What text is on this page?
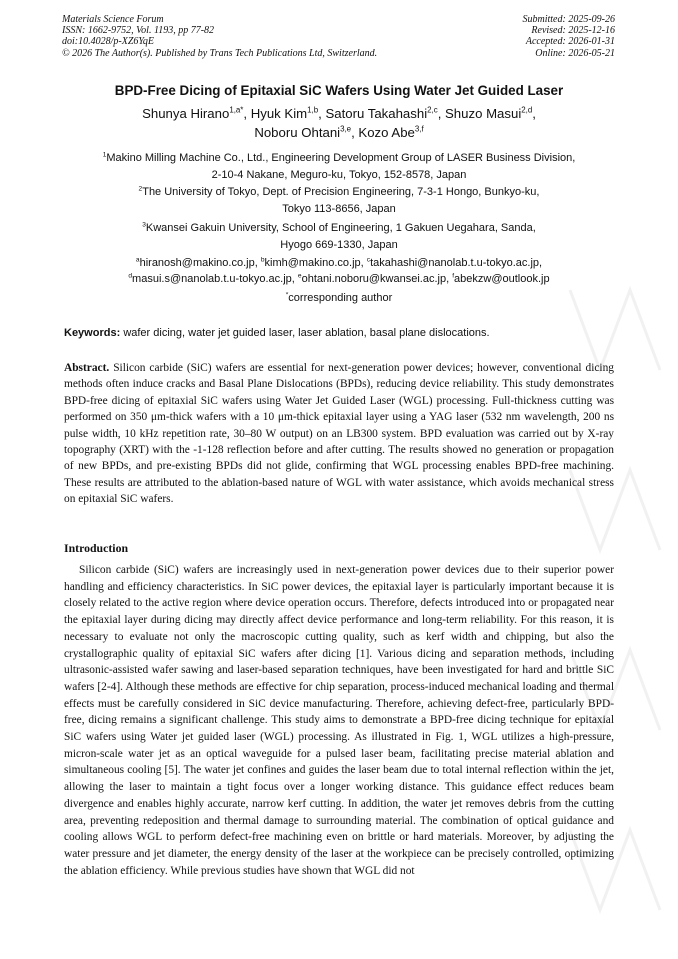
Materials Science Forum
ISSN: 1662-9752, Vol. 1193, pp 77-82
doi:10.4028/p-XZ6YqE
© 2026 The Author(s). Published by Trans Tech Publications Ltd, Switzerland.
Submitted: 2025-09-26
Revised: 2025-12-16
Accepted: 2026-01-31
Online: 2026-05-21
BPD-Free Dicing of Epitaxial SiC Wafers Using Water Jet Guided Laser
Shunya Hirano$^{1,a*}$, Hyuk Kim$^{1,b}$, Satoru Takahashi$^{2,c}$, Shuzo Masui$^{2,d}$,
Noboru Ohtani$^{3,e}$, Kozo Abe$^{3,f}$
$^1$Makino Milling Machine Co., Ltd., Engineering Development Group of LASER Business Division,
2-10-4 Nakane, Meguro-ku, Tokyo, 152-8578, Japan
$^2$The University of Tokyo, Dept. of Precision Engineering, 7-3-1 Hongo, Bunkyo-ku,
Tokyo 113-8656, Japan
$^3$Kwansei Gakuin University, School of Engineering, 1 Gakuen Uegahara, Sanda,
Hyogo 669-1330, Japan
$^a$hiranosh@makino.co.jp, $^b$kimh@makino.co.jp, $^c$takahashi@nanolab.t.u-tokyo.ac.jp,
$^d$masui.s@nanolab.t.u-tokyo.ac.jp, $^e$ohtani.noboru@kwansei.ac.jp, $^f$abekzw@outlook.jp
*corresponding author
Keywords: wafer dicing, water jet guided laser, laser ablation, basal plane dislocations.
Abstract. Silicon carbide (SiC) wafers are essential for next-generation power devices; however, conventional dicing methods often induce cracks and Basal Plane Dislocations (BPDs), reducing device reliability. This study demonstrates BPD-free dicing of epitaxial SiC wafers using Water Jet Guided Laser (WGL) processing. Full-thickness cutting was performed on 350 μm-thick wafers with a 10 μm-thick epitaxial layer using a YAG laser (532 nm wavelength, 200 ns pulse width, 10 kHz repetition rate, 30–80 W output) on an LB300 system. BPD evaluation was carried out by X-ray topography (XRT) with the -1-128 reflection before and after cutting. The results showed no generation or propagation of new BPDs, and pre-existing BPDs did not glide, confirming that WGL processing enables BPD-free machining. These results are attributed to the ablation-based nature of WGL with water assistance, which avoids mechanical stress on epitaxial SiC wafers.
Introduction
Silicon carbide (SiC) wafers are increasingly used in next-generation power devices due to their superior power handling and efficiency characteristics. In SiC power devices, the epitaxial layer is particularly important because it is closely related to the active region where device operation occurs. Therefore, defects introduced into or propagated near the epitaxial layer during dicing may directly affect device performance and long-term reliability. For this reason, it is necessary to evaluate not only the macroscopic cutting quality, such as kerf width and chipping, but also the crystallographic quality of epitaxial SiC wafers after dicing [1]. Various dicing and separation methods, including ultrasonic-assisted wafer sawing and laser-based separation techniques, have been investigated for hard and brittle SiC wafers [2-4]. Although these methods are effective for chip separation, process-induced mechanical loading and thermal effects must be carefully considered in SiC device manufacturing. Therefore, achieving defect-free, particularly BPD-free, dicing remains a significant challenge. This study aims to demonstrate a BPD-free dicing technique for epitaxial SiC wafers using Water jet guided laser (WGL) processing. As illustrated in Fig. 1, WGL utilizes a high-pressure, micron-scale water jet as an optical waveguide for a pulsed laser beam, facilitating precise material ablation and simultaneous cooling [5]. The water jet confines and guides the laser beam due to total internal reflection within the jet, allowing the laser to maintain a tight focus over a longer working distance. This guidance effect reduces beam divergence and enables highly accurate, narrow kerf cutting. In addition, the water jet removes debris from the cutting area, preventing redeposition and thermal damage to surrounding material. The combination of optical guidance and cooling allows WGL to perform defect-free machining even on brittle or hard materials. Moreover, by adjusting the water pressure and jet diameter, the energy density of the laser at the workpiece can be precisely controlled, optimizing the ablation efficiency. While previous studies have shown that WGL did not
